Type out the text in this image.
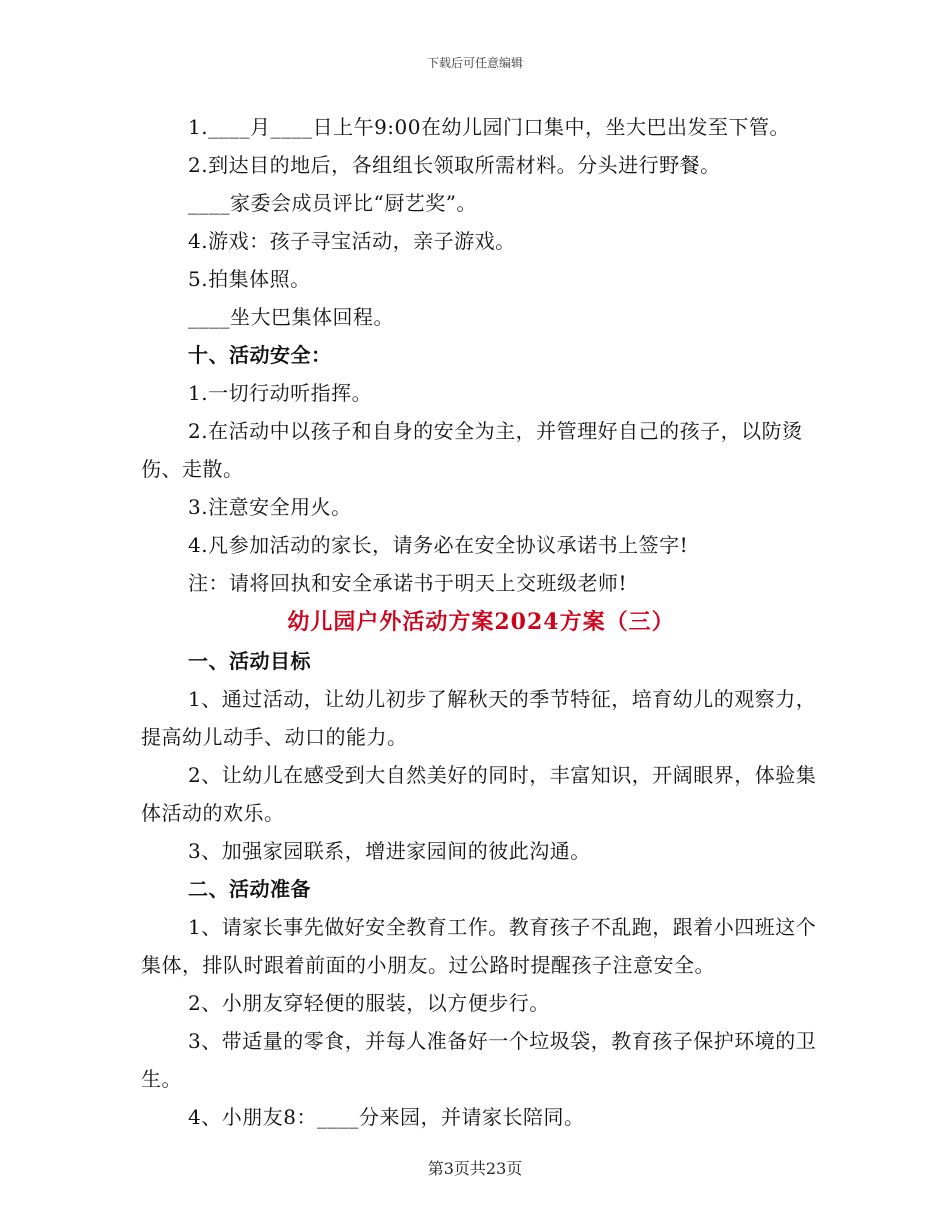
下载后可任意编辑

1.____月____日上午9:00在幼儿园门口集中，坐大巴出发至下管。

2.到达目的地后，各组组长领取所需材料。分头进行野餐。

____家委会成员评比“厨艺奖”。

4.游戏：孩子寻宝活动，亲子游戏。

5.拍集体照。

____坐大巴集体回程。

十、活动安全：

1.一切行动听指挥。

2.在活动中以孩子和自身的安全为主，并管理好自己的孩子，以防烫伤、走散。

3.注意安全用火。

4.凡参加活动的家长，请务必在安全协议承诺书上签字!

注：请将回执和安全承诺书于明天上交班级老师!

幼儿园户外活动方案2024方案（三）

一、活动目标

1、通过活动，让幼儿初步了解秋天的季节特征，培育幼儿的观察力，提高幼儿动手、动口的能力。

2、让幼儿在感受到大自然美好的同时，丰富知识，开阔眼界，体验集体活动的欢乐。

3、加强家园联系，增进家园间的彼此沟通。

二、活动准备

1、请家长事先做好安全教育工作。教育孩子不乱跑，跟着小四班这个集体，排队时跟着前面的小朋友。过公路时提醒孩子注意安全。

2、小朋友穿轻便的服装，以方便步行。

3、带适量的零食，并每人准备好一个垃圾袋，教育孩子保护环境的卫生。

4、小朋友8：____分来园，并请家长陪同。

第3页共23页
